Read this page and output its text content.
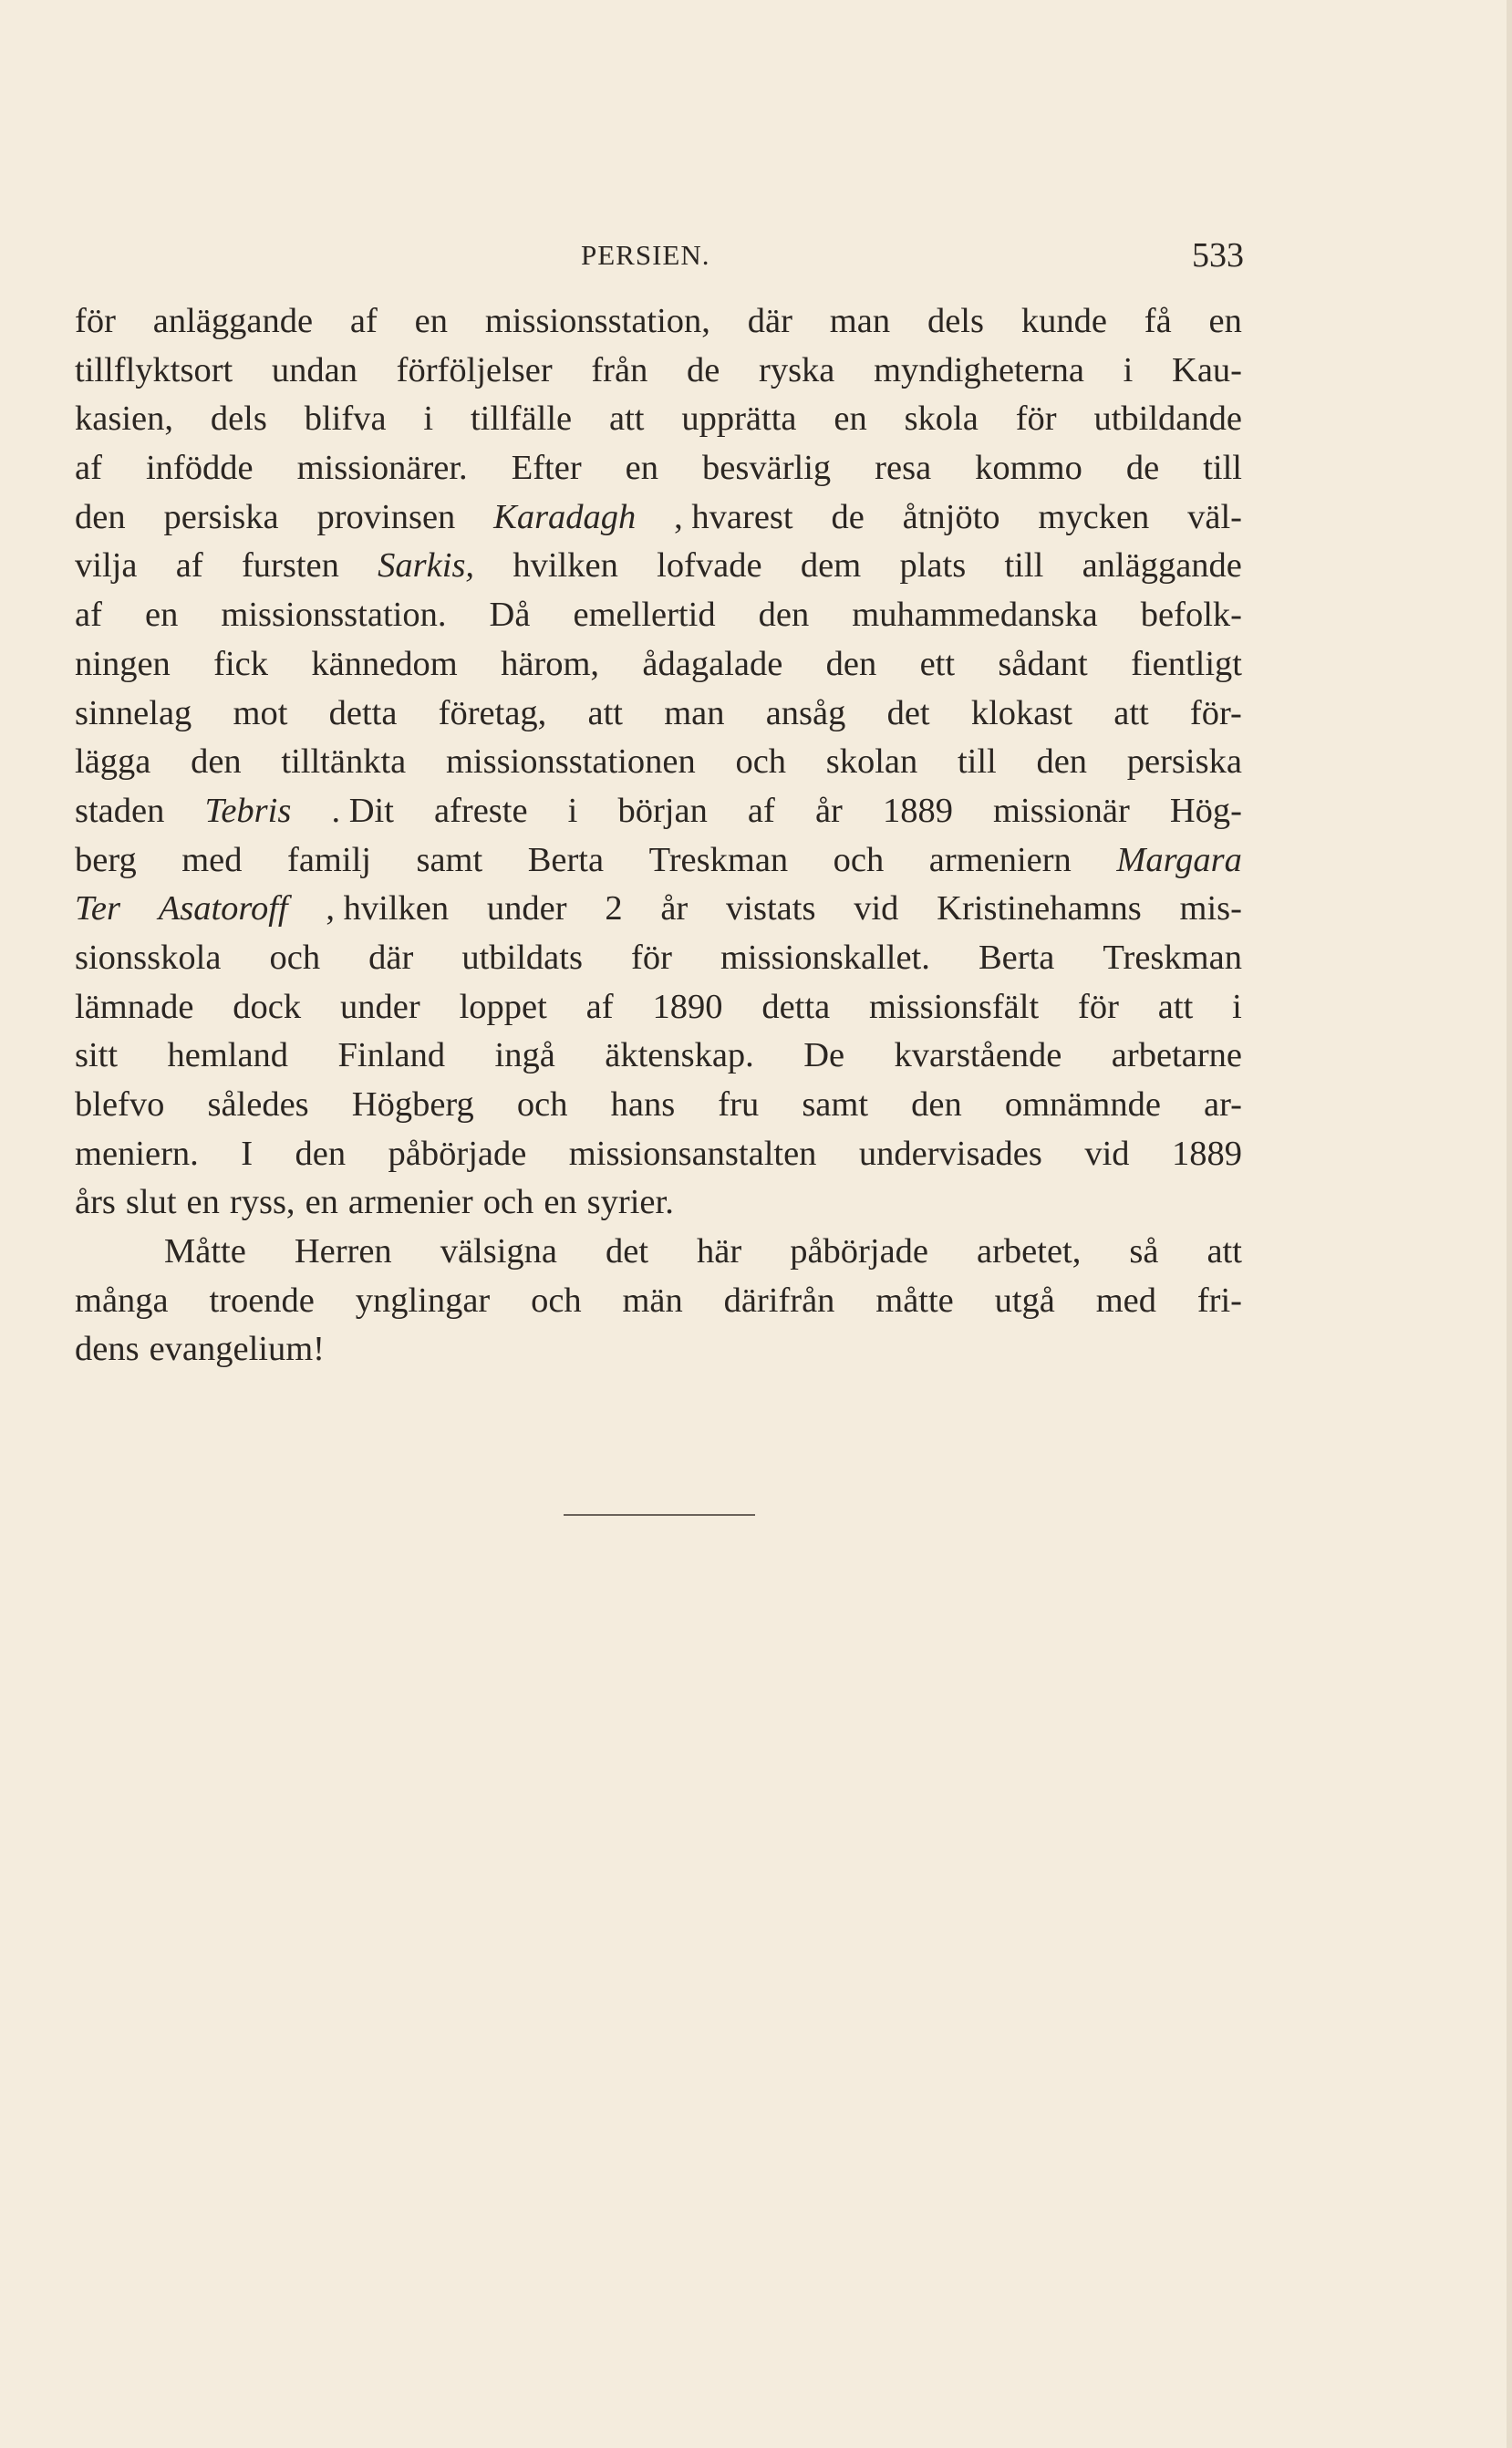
PERSIEN.	533
för anläggande af en missionsstation, där man dels kunde få en
tillflyktsort undan förföljelser från de ryska myndigheterna i Kau-
kasien, dels blifva i tillfälle att upprätta en skola för utbildande
af infödde missionärer. Efter en besvärlig resa kommo de till
den persiska provinsen Karadagh , hvarest de åtnjöto mycken väl-
vilja af fursten Sarkis, hvilken lofvade dem plats till anläggande
af en missionsstation. Då emellertid den muhammedanska befolk-
ningen fick kännedom härom, ådagalade den ett sådant fientligt
sinnelag mot detta företag, att man ansåg det klokast att för-
lägga den tilltänkta missionsstationen och skolan till den persiska
staden Tebris . Dit afreste i början af år 1889 missionär Hög-
berg med familj samt Berta Treskman och armeniern Margara
Ter Asatoroff , hvilken under 2 år vistats vid Kristinehamns mis-
sionsskola och där utbildats för missionskallet. Berta Treskman
lämnade dock under loppet af 1890 detta missionsfält för att i
sitt hemland Finland ingå äktenskap. De kvarstående arbetarne
blefvo således Högberg och hans fru samt den omnämnde ar-
meniern. I den påbörjade missionsanstalten undervisades vid 1889
års slut en ryss, en armenier och en syrier.
Måtte Herren välsigna det här påbörjade arbetet, så att
många troende ynglingar och män därifrån måtte utgå med fri-
dens evangelium!
